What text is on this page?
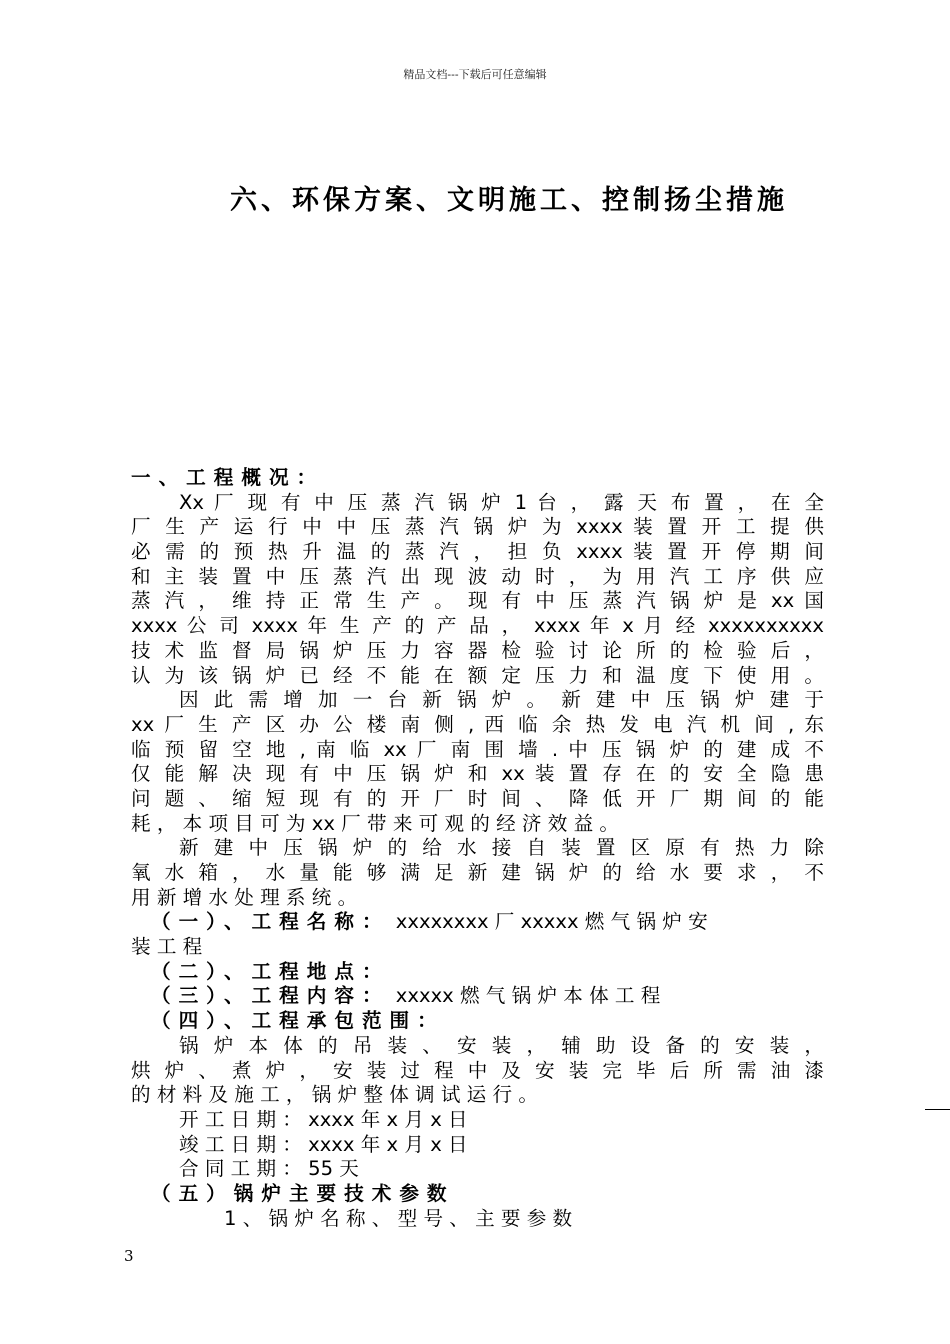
精品文档---下载后可任意编辑
六、环保方案、文明施工、控制扬尘措施
一、工程概况：
Xx 厂 现 有 中 压 蒸 汽 锅 炉 1 台 ， 露 天 布 置 ， 在 全
厂 生 产 运 行 中 中 压 蒸 汽 锅 炉 为 xxxx 装 置 开 工 提 供
必 需 的 预 热 升 温 的 蒸 汽 ， 担 负 xxxx 装 置 开 停 期 间
和 主 装 置 中 压 蒸 汽 出 现 波 动 时 ， 为 用 汽 工 序 供 应
蒸 汽 ， 维 持 正 常 生 产 。 现 有 中 压 蒸 汽 锅 炉 是 xx 国
xxxx 公 司 xxxx 年 生 产 的 产 品 ， xxxx 年 x 月 经 xxxxxxxxxx
技 术 监 督 局 锅 炉 压 力 容 器 检 验 讨 论 所 的 检 验 后 ，
认 为 该 锅 炉 已 经 不 能 在 额 定 压 力 和 温 度 下 使 用 。
因 此 需 增 加 一 台 新 锅 炉 。 新 建 中 压 锅 炉 建 于
xx 厂 生 产 区 办 公 楼 南 侧 , 西 临 余 热 发 电 汽 机 间 , 东
临 预 留 空 地 , 南 临 xx 厂 南 围 墙 . 中 压 锅 炉 的 建 成 不
仅 能 解 决 现 有 中 压 锅 炉 和 xx 装 置 存 在 的 安 全 隐 患
问 题 、 缩 短 现 有 的 开 厂 时 间 、 降 低 开 厂 期 间 的 能
耗 ， 本 项 目 可 为 xx 厂 带 来 可 观 的 经 济 效 益 。
新 建 中 压 锅 炉 的 给 水 接 自 装 置 区 原 有 热 力 除
氧 水 箱 ， 水 量 能 够 满 足 新 建 锅 炉 的 给 水 要 求 ， 不
用 新 增 水 处 理 系 统 。
（一）、工程名称： xxxxxxxx 厂 xxxxx 燃 气 锅 炉 安
装 工 程
（二）、工程地点：
（三）、工程内容： xxxxx 燃 气 锅 炉 本 体 工 程
（四）、工程承包范围：
锅 炉 本 体 的 吊 装 、 安 装 ， 辅 助 设 备 的 安 装 ，
烘 炉 、 煮 炉 ， 安 装 过 程 中 及 安 装 完 毕 后 所 需 油 漆
的 材 料 及 施 工 ， 锅 炉 整 体 调 试 运 行 。
开 工 日 期 ： xxxx 年 x 月 x 日
竣 工 日 期 ： xxxx 年 x 月 x 日
合 同 工 期 ： 55 天
（五）锅炉主要技术参数
1 、 锅 炉 名 称 、 型 号 、 主 要 参 数
3
